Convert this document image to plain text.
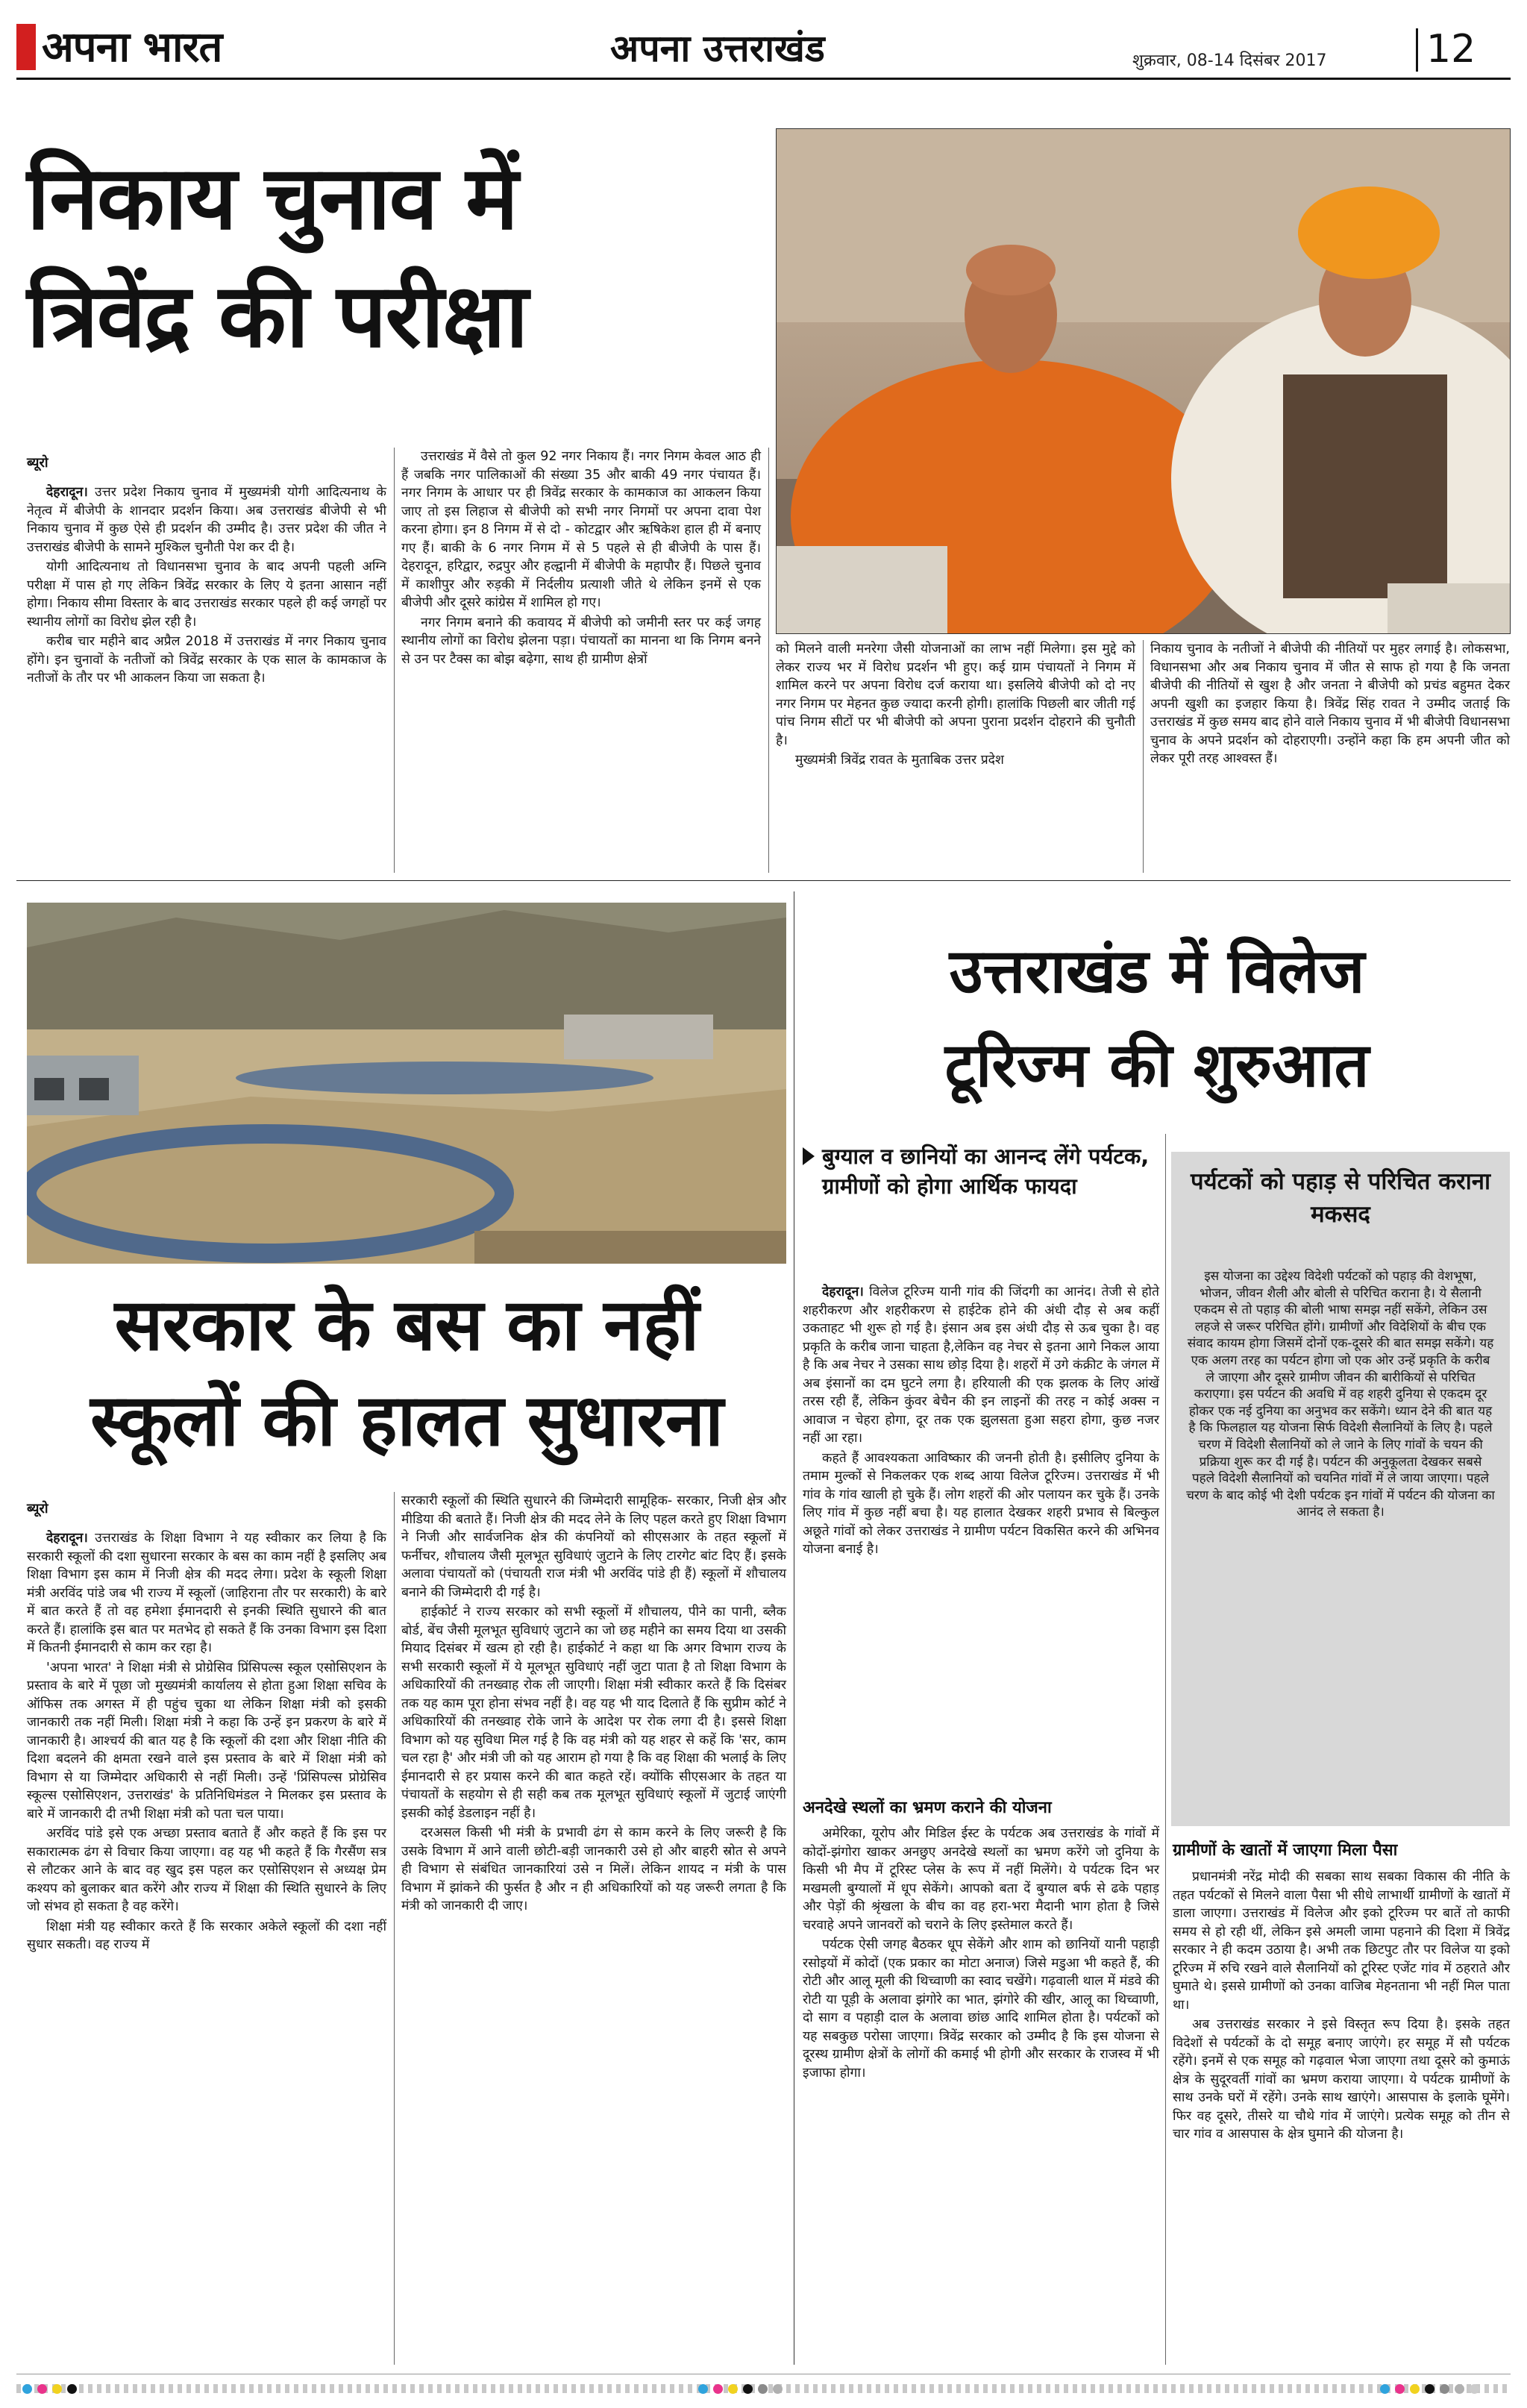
अपना भारत	अपना उत्तराखंड	शुक्रवार, 08-14 दिसंबर 2017	12
निकाय चुनाव में
त्रिवेंद्र की परीक्षा
ब्यूरो

देहरादून। उत्तर प्रदेश निकाय चुनाव में मुख्यमंत्री योगी आदित्यनाथ के नेतृत्व में बीजेपी के शानदार प्रदर्शन किया। अब उत्तराखंड बीजेपी से भी निकाय चुनाव में कुछ ऐसे ही प्रदर्शन की उम्मीद है। उत्तर प्रदेश की जीत ने उत्तराखंड बीजेपी के सामने मुश्किल चुनौती पेश कर दी है।

योगी आदित्यनाथ तो विधानसभा चुनाव के बाद अपनी पहली अग्नि परीक्षा में पास हो गए लेकिन त्रिवेंद्र सरकार के लिए ये इतना आसान नहीं होगा। निकाय सीमा विस्तार के बाद उत्तराखंड सरकार पहले ही कई जगहों पर स्थानीय लोगों का विरोध झेल रही है।

करीब चार महीने बाद अप्रैल 2018 में उत्तराखंड में नगर निकाय चुनाव होंगे। इन चुनावों के नतीजों को त्रिवेंद्र सरकार के एक साल के कामकाज के नतीजों के तौर पर भी आकलन किया जा सकता है।

उत्तराखंड में वैसे तो कुल 92 नगर निकाय हैं। नगर निगम केवल आठ ही हैं जबकि नगर पालिकाओं की संख्या 35 और बाकी 49 नगर पंचायत हैं। नगर निगम के आधार पर ही त्रिवेंद्र सरकार के कामकाज का आकलन किया जाए तो इस लिहाज से बीजेपी को सभी नगर निगमों पर अपना दावा पेश करना होगा। इन 8 निगम में से दो - कोटद्वार और ऋषिकेश हाल ही में बनाए गए हैं। बाकी के 6 नगर निगम में से 5 पहले से ही बीजेपी के पास हैं। देहरादून, हरिद्वार, रुद्रपुर और हल्द्वानी में बीजेपी के महापौर हैं। पिछले चुनाव में काशीपुर और रुड़की में निर्दलीय प्रत्याशी जीते थे लेकिन इनमें से एक बीजेपी और दूसरे कांग्रेस में शामिल हो गए।

नगर निगम बनाने की कवायद में बीजेपी को जमीनी स्तर पर कई जगह स्थानीय लोगों का विरोध झेलना पड़ा। पंचायतों का मानना था कि निगम बनने से उन पर टैक्स का बोझ बढ़ेगा, साथ ही ग्रामीण क्षेत्रों

को मिलने वाली मनरेगा जैसी योजनाओं का लाभ नहीं मिलेगा। इस मुद्दे को लेकर राज्य भर में विरोध प्रदर्शन भी हुए। कई ग्राम पंचायतों ने निगम में शामिल करने पर अपना विरोध दर्ज कराया था। इसलिये बीजेपी को दो नए नगर निगम पर मेहनत कुछ ज्यादा करनी होगी। हालांकि पिछली बार जीती गई पांच निगम सीटों पर भी बीजेपी को अपना पुराना प्रदर्शन दोहराने की चुनौती है।

मुख्यमंत्री त्रिवेंद्र रावत के मुताबिक उत्तर प्रदेश

निकाय चुनाव के नतीजों ने बीजेपी की नीतियों पर मुहर लगाई है। लोकसभा, विधानसभा और अब निकाय चुनाव में जीत से साफ हो गया है कि जनता बीजेपी की नीतियों से खुश है और जनता ने बीजेपी को प्रचंड बहुमत देकर अपनी खुशी का इजहार किया है। त्रिवेंद्र सिंह रावत ने उम्मीद जताई कि उत्तराखंड में कुछ समय बाद होने वाले निकाय चुनाव में भी बीजेपी विधानसभा चुनाव के अपने प्रदर्शन को दोहराएगी। उन्होंने कहा कि हम अपनी जीत को लेकर पूरी तरह आश्वस्त हैं।

सरकार के बस का नहीं
स्कूलों की हालत सुधारना
ब्यूरो

देहरादून। उत्तराखंड के शिक्षा विभाग ने यह स्वीकार कर लिया है कि सरकारी स्कूलों की दशा सुधारना सरकार के बस का काम नहीं है इसलिए अब शिक्षा विभाग इस काम में निजी क्षेत्र की मदद लेगा। प्रदेश के स्कूली शिक्षा मंत्री अरविंद पांडे जब भी राज्य में स्कूलों (जाहिराना तौर पर सरकारी) के बारे में बात करते हैं तो वह हमेशा ईमानदारी से इनकी स्थिति सुधारने की बात करते हैं। हालांकि इस बात पर मतभेद हो सकते हैं कि उनका विभाग इस दिशा में कितनी ईमानदारी से काम कर रहा है।

'अपना भारत' ने शिक्षा मंत्री से प्रोग्रेसिव प्रिंसिपल्स स्कूल एसोसिएशन के प्रस्ताव के बारे में पूछा जो मुख्यमंत्री कार्यालय से होता हुआ शिक्षा सचिव के ऑफिस तक अगस्त में ही पहुंच चुका था लेकिन शिक्षा मंत्री को इसकी जानकारी तक नहीं मिली। शिक्षा मंत्री ने कहा कि उन्हें इन प्रकरण के बारे में जानकारी है। आश्चर्य की बात यह है कि स्कूलों की दशा और शिक्षा नीति की दिशा बदलने की क्षमता रखने वाले इस प्रस्ताव के बारे में शिक्षा मंत्री को विभाग से या जिम्मेदार अधिकारी से नहीं मिली। उन्हें 'प्रिंसिपल्स प्रोग्रेसिव स्कूल्स एसोसिएशन, उत्तराखंड' के प्रतिनिधिमंडल ने मिलकर इस प्रस्ताव के बारे में जानकारी दी तभी शिक्षा मंत्री को पता चल पाया।

अरविंद पांडे इसे एक अच्छा प्रस्ताव बताते हैं और कहते हैं कि इस पर सकारात्मक ढंग से विचार किया जाएगा। वह यह भी कहते हैं कि गैरसैंण सत्र से लौटकर आने के बाद वह खुद इस पहल कर एसोसिएशन से अध्यक्ष प्रेम कश्यप को बुलाकर बात करेंगे और राज्य में शिक्षा की स्थिति सुधारने के लिए जो संभव हो सकता है वह करेंगे।

शिक्षा मंत्री यह स्वीकार करते हैं कि सरकार अकेले स्कूलों की दशा नहीं सुधार सकती। वह राज्य में

सरकारी स्कूलों की स्थिति सुधारने की जिम्मेदारी सामूहिक- सरकार, निजी क्षेत्र और मीडिया की बताते हैं। निजी क्षेत्र की मदद लेने के लिए पहल करते हुए शिक्षा विभाग ने निजी और सार्वजनिक क्षेत्र की कंपनियों को सीएसआर के तहत स्कूलों में फर्नीचर, शौचालय जैसी मूलभूत सुविधाएं जुटाने के लिए टारगेट बांट दिए हैं। इसके अलावा पंचायतों को (पंचायती राज मंत्री भी अरविंद पांडे ही हैं) स्कूलों में शौचालय बनाने की जिम्मेदारी दी गई है।

हाईकोर्ट ने राज्य सरकार को सभी स्कूलों में शौचालय, पीने का पानी, ब्लैक बोर्ड, बेंच जैसी मूलभूत सुविधाएं जुटाने का जो छह महीने का समय दिया था उसकी मियाद दिसंबर में खत्म हो रही है। हाईकोर्ट ने कहा था कि अगर विभाग राज्य के सभी सरकारी स्कूलों में ये मूलभूत सुविधाएं नहीं जुटा पाता है तो शिक्षा विभाग के अधिकारियों की तनख्वाह रोक ली जाएगी। शिक्षा मंत्री स्वीकार करते हैं कि दिसंबर तक यह काम पूरा होना संभव नहीं है। वह यह भी याद दिलाते हैं कि सुप्रीम कोर्ट ने अधिकारियों की तनख्वाह रोके जाने के आदेश पर रोक लगा दी है। इससे शिक्षा विभाग को यह सुविधा मिल गई है कि वह मंत्री को यह शहर से कहें कि 'सर, काम चल रहा है' और मंत्री जी को यह आराम हो गया है कि वह शिक्षा की भलाई के लिए ईमानदारी से हर प्रयास करने की बात कहते रहें। क्योंकि सीएसआर के तहत या पंचायतों के सहयोग से ही सही कब तक मूलभूत सुविधाएं स्कूलों में जुटाई जाएंगी इसकी कोई डेडलाइन नहीं है।

दरअसल किसी भी मंत्री के प्रभावी ढंग से काम करने के लिए जरूरी है कि उसके विभाग में आने वाली छोटी-बड़ी जानकारी उसे हो और बाहरी स्रोत से अपने ही विभाग से संबंधित जानकारियां उसे न मिलें। लेकिन शायद न मंत्री के पास विभाग में झांकने की फुर्सत है और न ही अधिकारियों को यह जरूरी लगता है कि मंत्री को जानकारी दी जाए।

उत्तराखंड में विलेज
टूरिज्म की शुरुआत
बुग्याल व छानियों का आनन्द लेंगे पर्यटक, ग्रामीणों को होगा आर्थिक फायदा

देहरादून। विलेज टूरिज्म यानी गांव की जिंदगी का आनंद। तेजी से होते शहरीकरण और शहरीकरण से हाईटेक होने की अंधी दौड़ से अब कहीं उकताहट भी शुरू हो गई है। इंसान अब इस अंधी दौड़ से ऊब चुका है। वह प्रकृति के करीब जाना चाहता है,लेकिन वह नेचर से इतना आगे निकल आया है कि अब नेचर ने उसका साथ छोड़ दिया है। शहरों में उगे कंक्रीट के जंगल में अब इंसानों का दम घुटने लगा है। हरियाली की एक झलक के लिए आंखें तरस रही हैं, लेकिन कुंवर बेचैन की इन लाइनों की तरह न कोई अक्स न आवाज न चेहरा होगा, दूर तक एक झुलसता हुआ सहरा होगा, कुछ नजर नहीं आ रहा।

कहते हैं आवश्यकता आविष्कार की जननी होती है। इसीलिए दुनिया के तमाम मुल्कों से निकलकर एक शब्द आया विलेज टूरिज्म। उत्तराखंड में भी गांव के गांव खाली हो चुके हैं। लोग शहरों की ओर पलायन कर चुके हैं। उनके लिए गांव में कुछ नहीं बचा है। यह हालात देखकर शहरी प्रभाव से बिल्कुल अछूते गांवों को लेकर उत्तराखंड ने ग्रामीण पर्यटन विकसित करने की अभिनव योजना बनाई है।

अनदेखे स्थलों का भ्रमण कराने की योजना

अमेरिका, यूरोप और मिडिल ईस्ट के पर्यटक अब उत्तराखंड के गांवों में कोदों-झंगोरा खाकर अनछुए अनदेखे स्थलों का भ्रमण करेंगे जो दुनिया के किसी भी मैप में टूरिस्ट प्लेस के रूप में नहीं मिलेंगे। ये पर्यटक दिन भर मखमली बुग्यालों में धूप सेकेंगे। आपको बता दें बुग्याल बर्फ से ढके पहाड़ और पेड़ों की श्रृंखला के बीच का वह हरा-भरा मैदानी भाग होता है जिसे चरवाहे अपने जानवरों को चराने के लिए इस्तेमाल करते हैं।

पर्यटक ऐसी जगह बैठकर धूप सेकेंगे और शाम को छानियों यानी पहाड़ी रसोइयों में कोदों (एक प्रकार का मोटा अनाज) जिसे मडुआ भी कहते हैं, की रोटी और आलू मूली की थिच्वाणी का स्वाद चखेंगे। गढ़वाली थाल में मंडवे की रोटी या पूड़ी के अलावा झंगोरे का भात, झंगोरे की खीर, आलू का थिच्वाणी, दो साग व पहाड़ी दाल के अलावा छांछ आदि शामिल होता है। पर्यटकों को यह सबकुछ परोसा जाएगा। त्रिवेंद्र सरकार को उम्मीद है कि इस योजना से दूरस्थ ग्रामीण क्षेत्रों के लोगों की कमाई भी होगी और सरकार के राजस्व में भी इजाफा होगा।

पर्यटकों को पहाड़ से परिचित कराना मकसद
इस योजना का उद्देश्य विदेशी पर्यटकों को पहाड़ की वेशभूषा, भोजन, जीवन शैली और बोली से परिचित कराना है। ये सैलानी एकदम से तो पहाड़ की बोली भाषा समझ नहीं सकेंगे, लेकिन उस लहजे से जरूर परिचित होंगे। ग्रामीणों और विदेशियों के बीच एक संवाद कायम होगा जिसमें दोनों एक-दूसरे की बात समझ सकेंगे। यह एक अलग तरह का पर्यटन होगा जो एक ओर उन्हें प्रकृति के करीब ले जाएगा और दूसरे ग्रामीण जीवन की बारीकियों से परिचित कराएगा। इस पर्यटन की अवधि में वह शहरी दुनिया से एकदम दूर होकर एक नई दुनिया का अनुभव कर सकेंगे। ध्यान देने की बात यह है कि फिलहाल यह योजना सिर्फ विदेशी सैलानियों के लिए है। पहले चरण में विदेशी सैलानियों को ले जाने के लिए गांवों के चयन की प्रक्रिया शुरू कर दी गई है। पर्यटन की अनुकूलता देखकर सबसे पहले विदेशी सैलानियों को चयनित गांवों में ले जाया जाएगा। पहले चरण के बाद कोई भी देशी पर्यटक इन गांवों में पर्यटन की योजना का आनंद ले सकता है।
ग्रामीणों के खातों में जाएगा मिला पैसा

प्रधानमंत्री नरेंद्र मोदी की सबका साथ सबका विकास की नीति के तहत पर्यटकों से मिलने वाला पैसा भी सीधे लाभार्थी ग्रामीणों के खातों में डाला जाएगा। उत्तराखंड में विलेज और इको टूरिज्म पर बातें तो काफी समय से हो रही थीं, लेकिन इसे अमली जामा पहनाने की दिशा में त्रिवेंद्र सरकार ने ही कदम उठाया है। अभी तक छिटपुट तौर पर विलेज या इको टूरिज्म में रुचि रखने वाले सैलानियों को टूरिस्ट एजेंट गांव में ठहराते और घुमाते थे। इससे ग्रामीणों को उनका वाजिब मेहनताना भी नहीं मिल पाता था।

अब उत्तराखंड सरकार ने इसे विस्तृत रूप दिया है। इसके तहत विदेशों से पर्यटकों के दो समूह बनाए जाएंगे। हर समूह में सौ पर्यटक रहेंगे। इनमें से एक समूह को गढ़वाल भेजा जाएगा तथा दूसरे को कुमाऊं क्षेत्र के सुदूरवर्ती गांवों का भ्रमण कराया जाएगा। ये पर्यटक ग्रामीणों के साथ उनके घरों में रहेंगे। उनके साथ खाएंगे। आसपास के इलाके घूमेंगे। फिर वह दूसरे, तीसरे या चौथे गांव में जाएंगे। प्रत्येक समूह को तीन से चार गांव व आसपास के क्षेत्र घुमाने की योजना है।
